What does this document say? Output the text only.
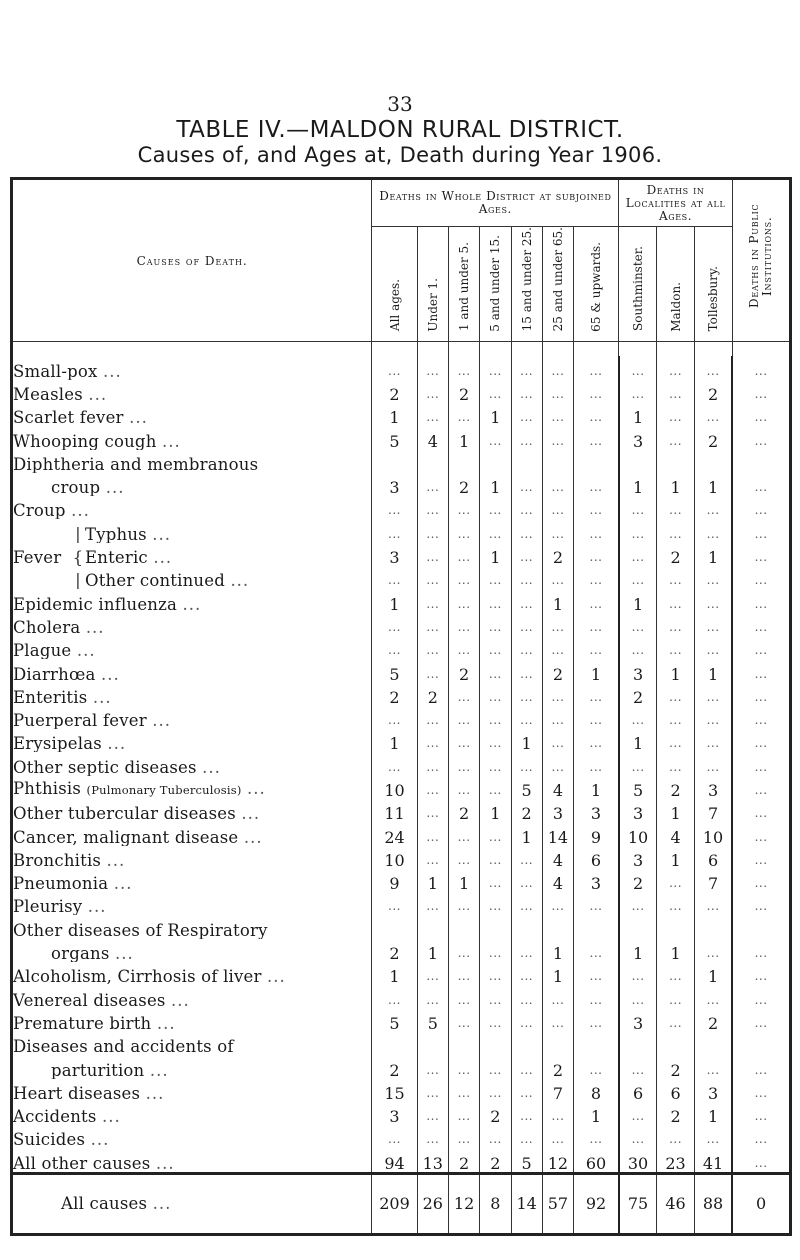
33
TABLE IV.—MALDON RURAL DISTRICT.
Causes of, and Ages at, Death during Year 1906.
Causes of Death.	Deaths in Whole District at subjoined Ages.							Deaths in Localities at all Ages.			Deaths in Public Institutions.
	All ages.	Under 1.	1 and under 5.	5 and under 15.	15 and under 25.	25 and under 65.	65 & upwards.	Southminster.	Maldon.	Tollesbury.	

Small-pox ...	...	...	...	...	...	...	...	...	...	...	...
Measles ...	2	...	2	...	...	...	...	...	...	2	...
Scarlet fever ...	1	...	...	1	...	...	...	1	...	...	...
Whooping cough ...	5	4	1	...	...	...	...	3	...	2	...
Diphtheria and membranous											
croup ...	3	...	2	1	...	...	...	1	1	1	...
Croup ...	...	...	...	...	...	...	...	...	...	...	...
| Typhus ...	...	...	...	...	...	...	...	...	...	...	...
Fever { Enteric ...	3	...	...	1	...	2	...	...	2	1	...
| Other continued ...	...	...	...	...	...	...	...	...	...	...	...
Epidemic influenza ...	1	...	...	...	...	1	...	1	...	...	...
Cholera ...	...	...	...	...	...	...	...	...	...	...	...
Plague ...	...	...	...	...	...	...	...	...	...	...	...
Diarrhœa ...	5	...	2	...	...	2	1	3	1	1	...
Enteritis ...	2	2	...	...	...	...	...	2	...	...	...
Puerperal fever ...	...	...	...	...	...	...	...	...	...	...	...
Erysipelas ...	1	...	...	...	1	...	...	1	...	...	...
Other septic diseases ...	...	...	...	...	...	...	...	...	...	...	...
Phthisis (Pulmonary Tuberculosis) ...	10	...	...	...	5	4	1	5	2	3	...
Other tubercular diseases ...	11	...	2	1	2	3	3	3	1	7	...
Cancer, malignant disease ...	24	...	...	...	1	14	9	10	4	10	...
Bronchitis ...	10	...	...	...	...	4	6	3	1	6	...
Pneumonia ...	9	1	1	...	...	4	3	2	...	7	...
Pleurisy ...	...	...	...	...	...	...	...	...	...	...	...
Other diseases of Respiratory											
organs ...	2	1	...	...	...	1	...	1	1	...	...
Alcoholism, Cirrhosis of liver ...	1	...	...	...	...	1	...	...	...	1	...
Venereal diseases ...	...	...	...	...	...	...	...	...	...	...	...
Premature birth ...	5	5	...	...	...	...	...	3	...	2	...
Diseases and accidents of											
parturition ...	2	...	...	...	...	2	...	...	2	...	...
Heart diseases ...	15	...	...	...	...	7	8	6	6	3	...
Accidents ...	3	...	...	2	...	...	1	...	2	1	...
Suicides ...	...	...	...	...	...	...	...	...	...	...	...
All other causes ...	94	13	2	2	5	12	60	30	23	41	...
All causes ...	209	26	12	8	14	57	92	75	46	88	0
